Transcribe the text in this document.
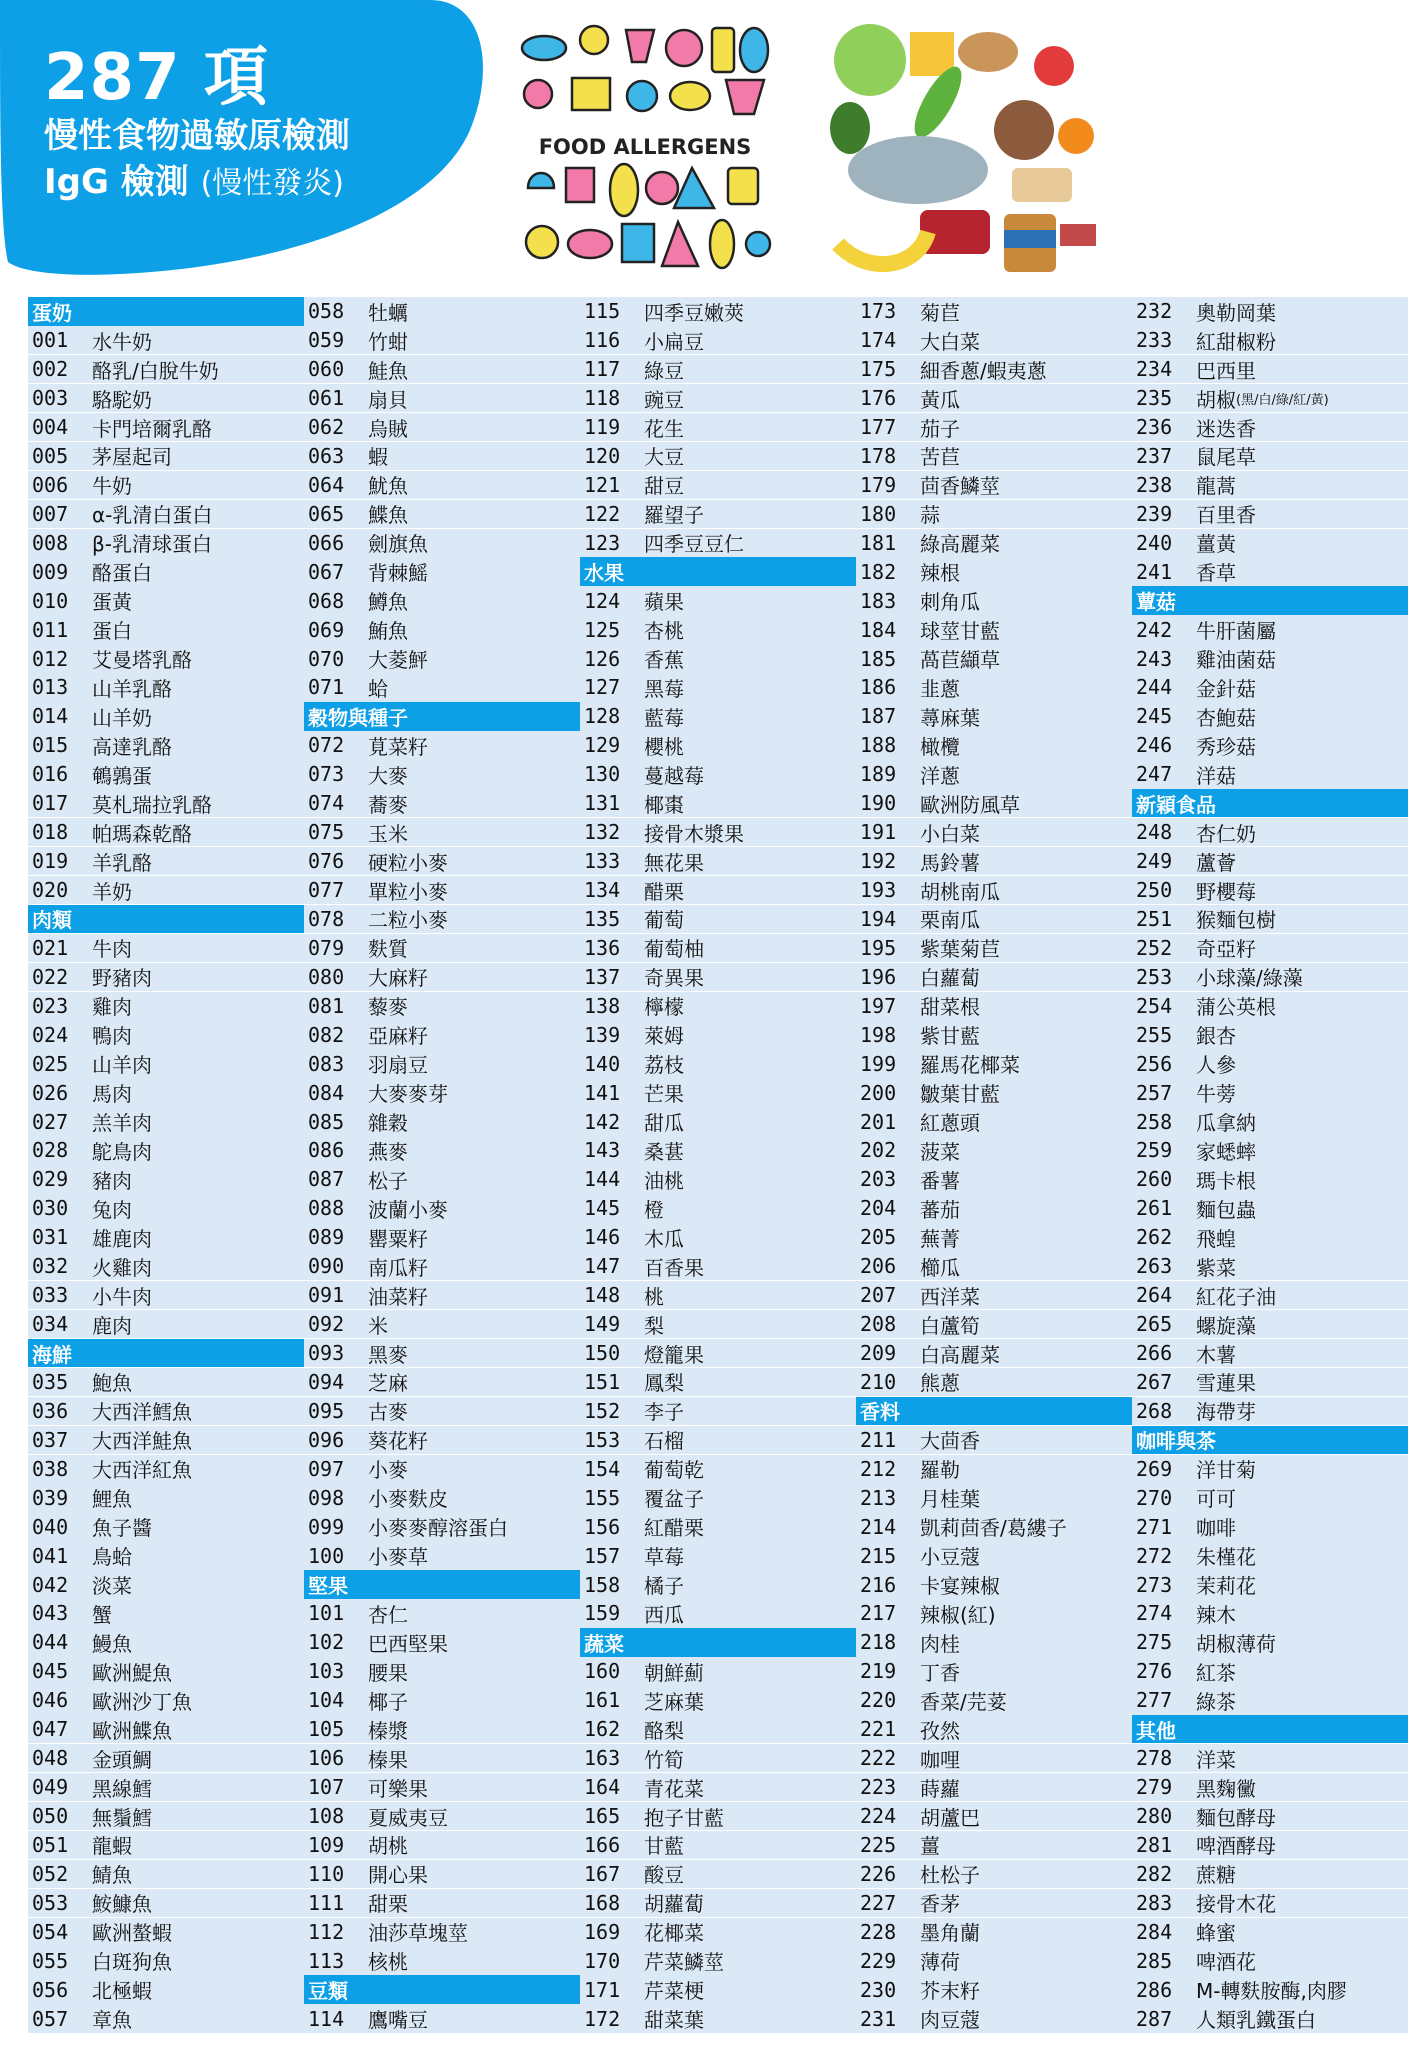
287 項
慢性食物過敏原檢測
IgG 檢測 (慢性發炎)
FOOD ALLERGENS
蛋奶
001	水牛奶
002	酪乳/白脫牛奶
003	駱駝奶
004	卡門培爾乳酪
005	茅屋起司
006	牛奶
007	α-乳清白蛋白
008	β-乳清球蛋白
009	酪蛋白
010	蛋黃
011	蛋白
012	艾曼塔乳酪
013	山羊乳酪
014	山羊奶
015	高達乳酪
016	鵪鶉蛋
017	莫札瑞拉乳酪
018	帕瑪森乾酪
019	羊乳酪
020	羊奶
肉類
021	牛肉
022	野豬肉
023	雞肉
024	鴨肉
025	山羊肉
026	馬肉
027	羔羊肉
028	鴕鳥肉
029	豬肉
030	兔肉
031	雄鹿肉
032	火雞肉
033	小牛肉
034	鹿肉
海鮮
035	鮑魚
036	大西洋鱈魚
037	大西洋鮭魚
038	大西洋紅魚
039	鯉魚
040	魚子醬
041	鳥蛤
042	淡菜
043	蟹
044	鰻魚
045	歐洲鯷魚
046	歐洲沙丁魚
047	歐洲鰈魚
048	金頭鯛
049	黑線鱈
050	無鬚鱈
051	龍蝦
052	鯖魚
053	鮟鱇魚
054	歐洲螯蝦
055	白斑狗魚
056	北極蝦
057	章魚
058	牡蠣
059	竹蚶
060	鮭魚
061	扇貝
062	烏賊
063	蝦
064	魷魚
065	鰈魚
066	劍旗魚
067	背棘鰩
068	鱒魚
069	鮪魚
070	大菱鮃
071	蛤
穀物與種子
072	莧菜籽
073	大麥
074	蕎麥
075	玉米
076	硬粒小麥
077	單粒小麥
078	二粒小麥
079	麩質
080	大麻籽
081	藜麥
082	亞麻籽
083	羽扇豆
084	大麥麥芽
085	雜穀
086	燕麥
087	松子
088	波蘭小麥
089	罌粟籽
090	南瓜籽
091	油菜籽
092	米
093	黑麥
094	芝麻
095	古麥
096	葵花籽
097	小麥
098	小麥麩皮
099	小麥麥醇溶蛋白
100	小麥草
堅果
101	杏仁
102	巴西堅果
103	腰果
104	椰子
105	榛漿
106	榛果
107	可樂果
108	夏威夷豆
109	胡桃
110	開心果
111	甜栗
112	油莎草塊莖
113	核桃
豆類
114	鷹嘴豆
115	四季豆嫩莢
116	小扁豆
117	綠豆
118	豌豆
119	花生
120	大豆
121	甜豆
122	羅望子
123	四季豆豆仁
水果
124	蘋果
125	杏桃
126	香蕉
127	黑莓
128	藍莓
129	櫻桃
130	蔓越莓
131	椰棗
132	接骨木漿果
133	無花果
134	醋栗
135	葡萄
136	葡萄柚
137	奇異果
138	檸檬
139	萊姆
140	荔枝
141	芒果
142	甜瓜
143	桑葚
144	油桃
145	橙
146	木瓜
147	百香果
148	桃
149	梨
150	燈籠果
151	鳳梨
152	李子
153	石榴
154	葡萄乾
155	覆盆子
156	紅醋栗
157	草莓
158	橘子
159	西瓜
蔬菜
160	朝鮮薊
161	芝麻葉
162	酪梨
163	竹筍
164	青花菜
165	抱子甘藍
166	甘藍
167	酸豆
168	胡蘿蔔
169	花椰菜
170	芹菜鱗莖
171	芹菜梗
172	甜菜葉
173	菊苣
174	大白菜
175	細香蔥/蝦夷蔥
176	黃瓜
177	茄子
178	苦苣
179	茴香鱗莖
180	蒜
181	綠高麗菜
182	辣根
183	刺角瓜
184	球莖甘藍
185	萵苣纈草
186	韭蔥
187	蕁麻葉
188	橄欖
189	洋蔥
190	歐洲防風草
191	小白菜
192	馬鈴薯
193	胡桃南瓜
194	栗南瓜
195	紫葉菊苣
196	白蘿蔔
197	甜菜根
198	紫甘藍
199	羅馬花椰菜
200	皺葉甘藍
201	紅蔥頭
202	菠菜
203	番薯
204	蕃茄
205	蕪菁
206	櫛瓜
207	西洋菜
208	白蘆筍
209	白高麗菜
210	熊蔥
香料
211	大茴香
212	羅勒
213	月桂葉
214	凱莉茴香/葛縷子
215	小豆蔻
216	卡宴辣椒
217	辣椒(紅)
218	肉桂
219	丁香
220	香菜/芫荽
221	孜然
222	咖哩
223	蒔蘿
224	胡蘆巴
225	薑
226	杜松子
227	香茅
228	墨角蘭
229	薄荷
230	芥末籽
231	肉豆蔻
232	奧勒岡葉
233	紅甜椒粉
234	巴西里
235	胡椒 (黑/白/綠/紅/黃)
236	迷迭香
237	鼠尾草
238	龍蒿
239	百里香
240	薑黃
241	香草
蕈菇
242	牛肝菌屬
243	雞油菌菇
244	金針菇
245	杏鮑菇
246	秀珍菇
247	洋菇
新穎食品
248	杏仁奶
249	蘆薈
250	野櫻莓
251	猴麵包樹
252	奇亞籽
253	小球藻/綠藻
254	蒲公英根
255	銀杏
256	人參
257	牛蒡
258	瓜拿納
259	家蟋蟀
260	瑪卡根
261	麵包蟲
262	飛蝗
263	紫菜
264	紅花子油
265	螺旋藻
266	木薯
267	雪蓮果
268	海帶芽
咖啡與茶
269	洋甘菊
270	可可
271	咖啡
272	朱槿花
273	茉莉花
274	辣木
275	胡椒薄荷
276	紅茶
277	綠茶
其他
278	洋菜
279	黑麴黴
280	麵包酵母
281	啤酒酵母
282	蔗糖
283	接骨木花
284	蜂蜜
285	啤酒花
286	M-轉麩胺酶,肉膠
287	人類乳鐵蛋白
